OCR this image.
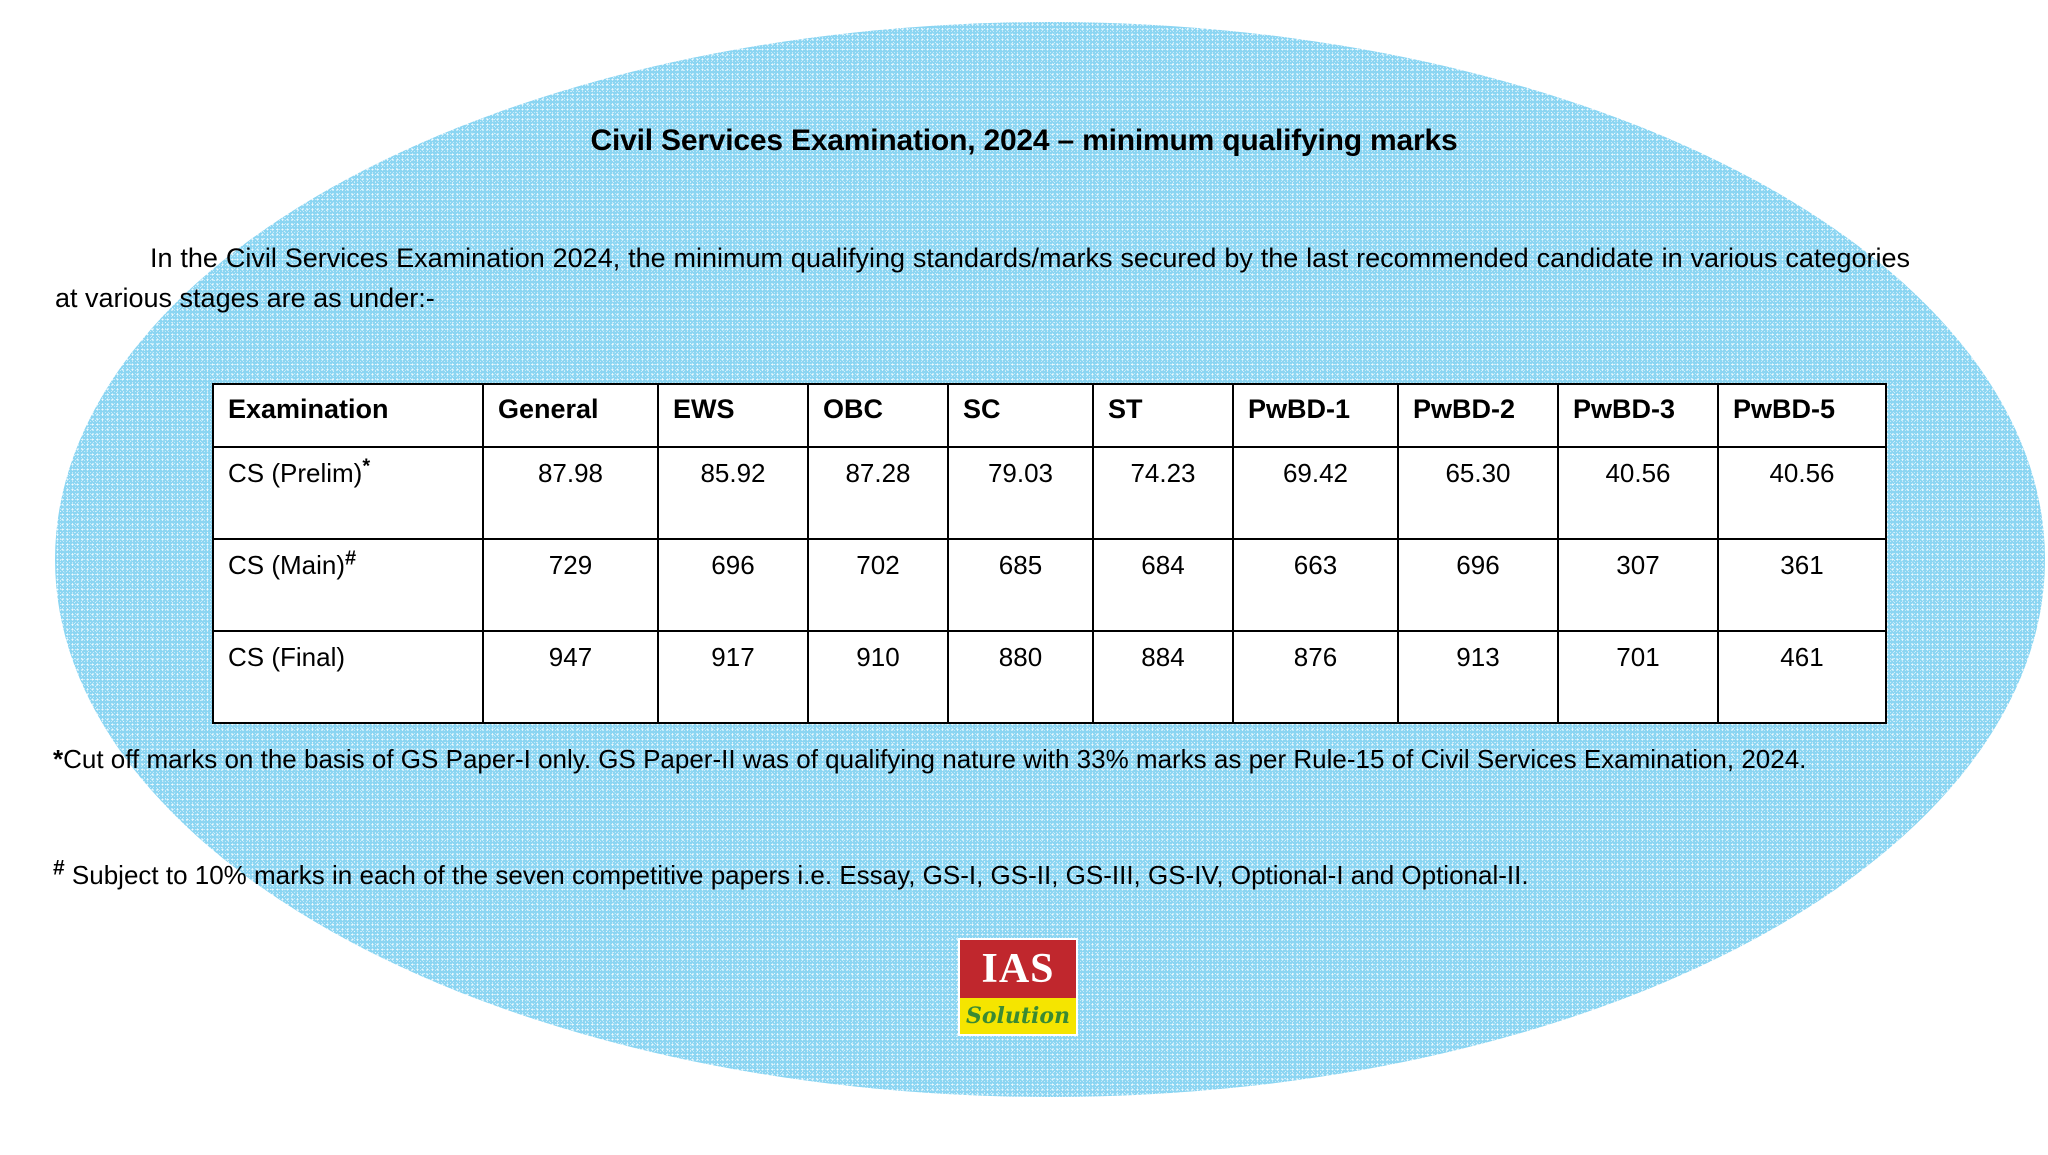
Civil Services Examination, 2024 – minimum qualifying marks
In the Civil Services Examination 2024, the minimum qualifying standards/marks secured by the last recommended candidate in various categories at various stages are as under:-
Examination	General	EWS	OBC	SC	ST	PwBD-1	PwBD-2	PwBD-3	PwBD-5
CS (Prelim)*	87.98	85.92	87.28	79.03	74.23	69.42	65.30	40.56	40.56
CS (Main)#	729	696	702	685	684	663	696	307	361
CS (Final)	947	917	910	880	884	876	913	701	461
*Cut off marks on the basis of GS Paper-I only. GS Paper-II was of qualifying nature with 33% marks as per Rule-15 of Civil Services Examination, 2024.
# Subject to 10% marks in each of the seven competitive papers i.e. Essay, GS-I, GS-II, GS-III, GS-IV, Optional-I and Optional-II.
IAS
Solution
